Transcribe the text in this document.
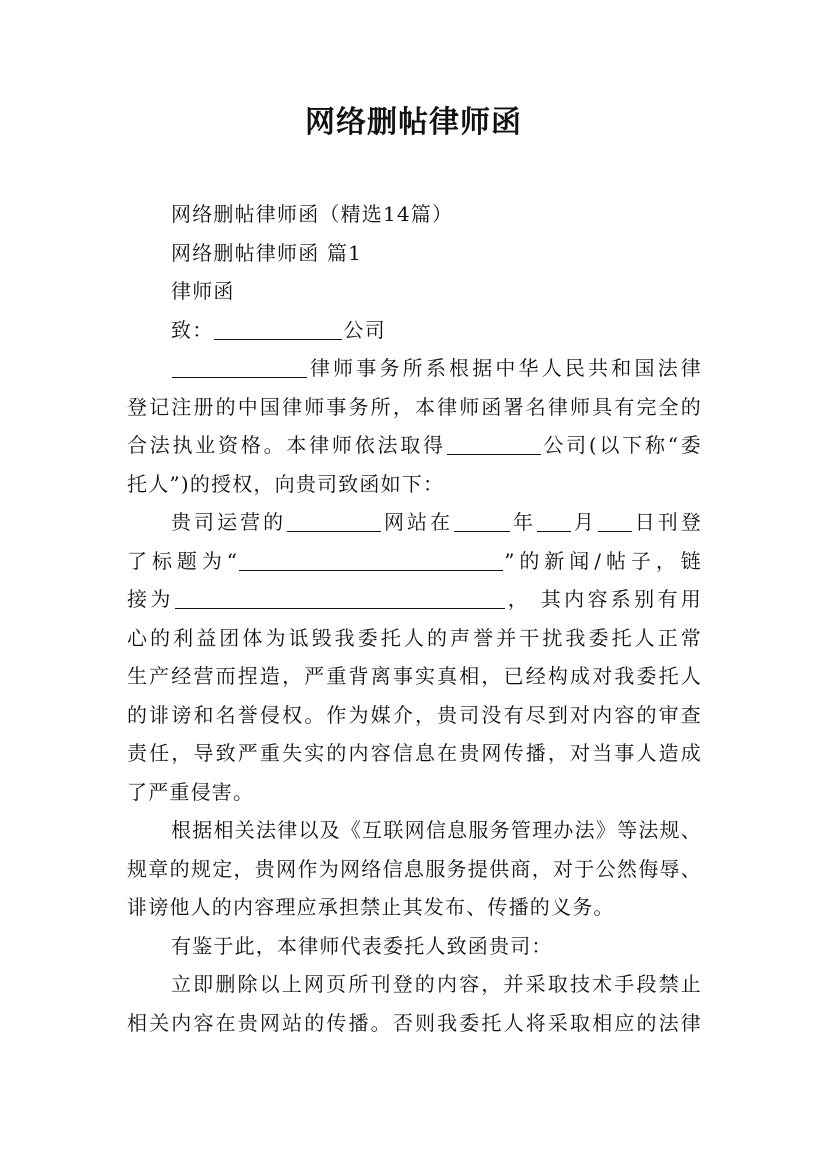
网络删帖律师函
网络删帖律师函（精选14篇）
网络删帖律师函 篇1
律师函
致：	公司
律师事务所系根据中华人民共和国法律
登记注册的中国律师事务所，本律师函署名律师具有完全的
合法执业资格。本律师依法取得	公司(以下称“委
托人”)的授权，向贵司致函如下：
贵司运营的	网站在	年 月 日刊登
了标题为“	”的新闻/帖子，链
接为	， 其内容系别有用
心的利益团体为诋毁我委托人的声誉并干扰我委托人正常
生产经营而捏造，严重背离事实真相，已经构成对我委托人
的诽谤和名誉侵权。作为媒介，贵司没有尽到对内容的审查
责任，导致严重失实的内容信息在贵网传播，对当事人造成
了严重侵害。
根据相关法律以及《互联网信息服务管理办法》等法规、
规章的规定，贵网作为网络信息服务提供商，对于公然侮辱、
诽谤他人的内容理应承担禁止其发布、传播的义务。
有鉴于此，本律师代表委托人致函贵司：
立即删除以上网页所刊登的内容，并采取技术手段禁止
相关内容在贵网站的传播。否则我委托人将采取相应的法律
